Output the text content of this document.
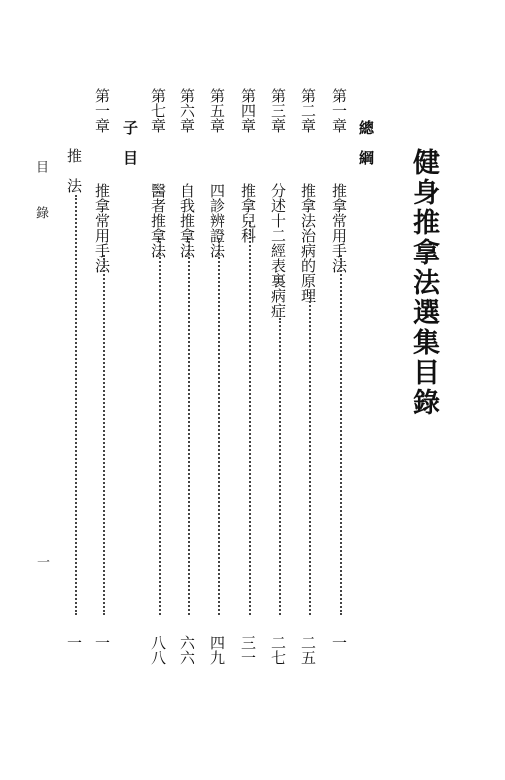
健身推拿法選集目錄
總　綱
第一章  推拿常用手法
第二章  推拿法治病的原理
第三章  分述十二經表裏病症
第四章  推拿兒科
第五章  四診辨證法
第六章  自我推拿法
第七章  醫者推拿法
子　目
第一章  推拿常用手法
推　法
一
二五
二七
三一
四九
六六
八八
一
一
目　錄
一
